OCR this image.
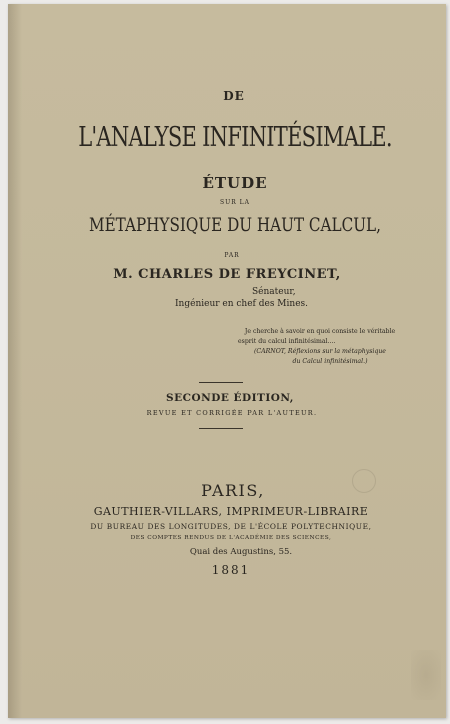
DE
L'ANALYSE INFINITÉSIMALE.
ÉTUDE
SUR LA
MÉTAPHYSIQUE DU HAUT CALCUL,
PAR
M. CHARLES DE FREYCINET,
Sénateur,
Ingénieur en chef des Mines.
Je cherche à savoir en quoi consiste le véritable
esprit du calcul infinitésimal....
(CARNOT, Réflexions sur la métaphysique
du Calcul infinitésimal.)
SECONDE ÉDITION,
REVUE ET CORRIGÉE PAR L'AUTEUR.
PARIS,
GAUTHIER-VILLARS, IMPRIMEUR-LIBRAIRE
DU BUREAU DES LONGITUDES, DE L'ÉCOLE POLYTECHNIQUE,
DES COMPTES RENDUS DE L'ACADÉMIE DES SCIENCES,
Quai des Augustins, 55.
1881
